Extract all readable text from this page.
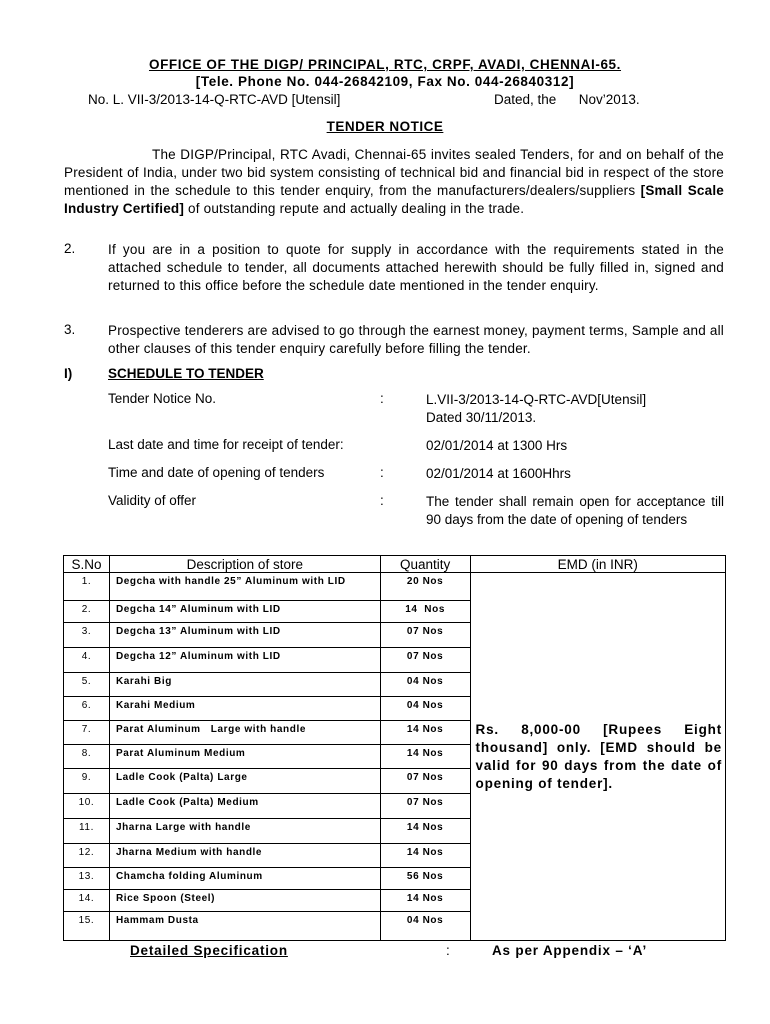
OFFICE OF THE DIGP/ PRINCIPAL, RTC, CRPF, AVADI, CHENNAI-65.
[Tele. Phone No. 044-26842109, Fax No. 044-26840312]
No. L. VII-3/2013-14-Q-RTC-AVD [Utensil]	Dated, the      Nov’2013.
TENDER NOTICE
The DIGP/Principal, RTC Avadi, Chennai-65 invites sealed Tenders, for and on behalf of the President of India, under two bid system consisting of technical bid and financial bid in respect of the store mentioned in the schedule to this tender enquiry, from the manufacturers/dealers/suppliers [Small Scale Industry Certified] of outstanding repute and actually dealing in the trade.
2. If you are in a position to quote for supply in accordance with the requirements stated in the attached schedule to tender, all documents attached herewith should be fully filled in, signed and returned to this office before the schedule date mentioned in the tender enquiry.
3. Prospective tenderers are advised to go through the earnest money, payment terms, Sample and all other clauses of this tender enquiry carefully before filling the tender.
I)	SCHEDULE TO TENDER
Tender Notice No.	:	L.VII-3/2013-14-Q-RTC-AVD[Utensil]
Dated 30/11/2013.
Last date and time for receipt of tender:	02/01/2014 at 1300 Hrs
Time and date of opening of tenders	:	02/01/2014 at 1600Hhrs
Validity of offer	:	The tender shall remain open for acceptance till 90 days from the date of opening of tenders
S.No	Description of store	Quantity	EMD (in INR)
1.	Degcha with handle 25” Aluminum with LID	20 Nos	Rs. 8,000-00 [Rupees Eight thousand] only. [EMD should be valid for 90 days from the date of opening of tender].
2.	Degcha 14” Aluminum with LID	14  Nos	
3.	Degcha 13” Aluminum with LID	07 Nos	
4.	Degcha 12” Aluminum with LID	07 Nos	
5.	Karahi Big	04 Nos	
6.	Karahi Medium	04 Nos	
7.	Parat Aluminum   Large with handle	14 Nos	
8.	Parat Aluminum Medium	14 Nos	
9.	Ladle Cook (Palta) Large	07 Nos	
10.	Ladle Cook (Palta) Medium	07 Nos	
11.	Jharna Large with handle	14 Nos	
12.	Jharna Medium with handle	14 Nos	
13.	Chamcha folding Aluminum	56 Nos	
14.	Rice Spoon (Steel)	14 Nos	
15.	Hammam Dusta	04 Nos	
Detailed Specification	:	As per Appendix – ‘A’
